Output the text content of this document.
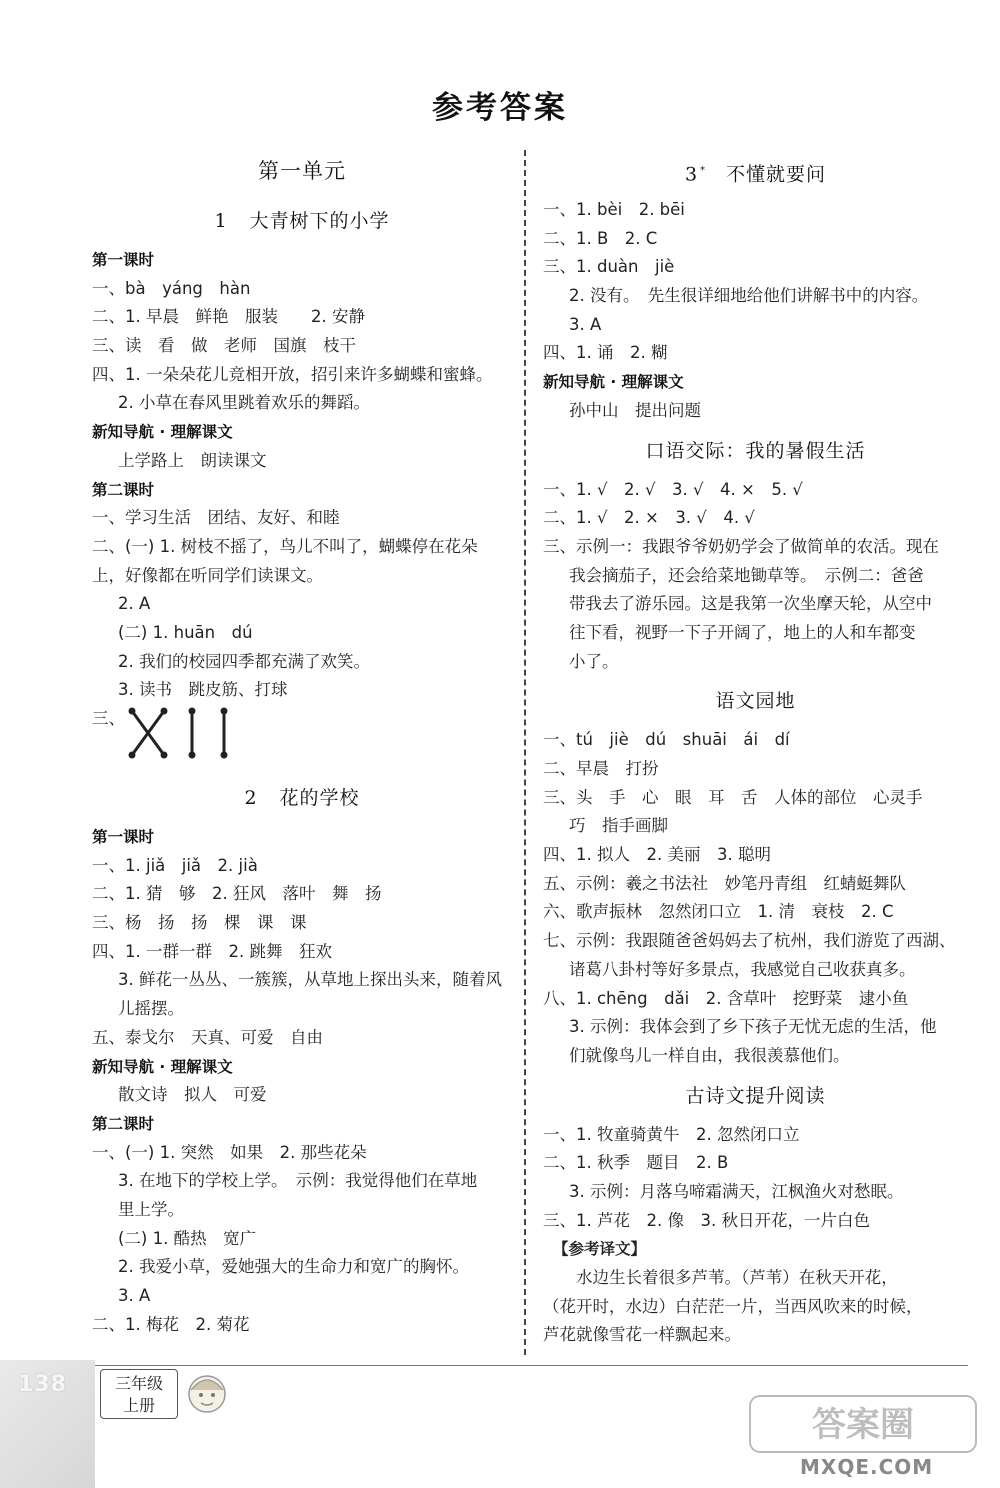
参考答案
第一单元
1 大青树下的小学
第一课时
一、bà　yáng　hàn
二、1. 早晨　鲜艳　服装　　2. 安静
三、读　看　做　老师　国旗　枝干
四、1. 一朵朵花儿竞相开放，招引来许多蝴蝶和蜜蜂。
2. 小草在春风里跳着欢乐的舞蹈。
新知导航 · 理解课文
上学路上　朗读课文
第二课时
一、学习生活　团结、友好、和睦
二、(一) 1. 树枝不摇了，鸟儿不叫了，蝴蝶停在花朵
上，好像都在听同学们读课文。
2. A
(二) 1. huān　dú
2. 我们的校园四季都充满了欢笑。
3. 读书　跳皮筋、打球
三、
2 花的学校
第一课时
一、1. jiǎ　jiǎ　2. jià
二、1. 猜　够　2. 狂风　落叶　舞　扬
三、杨　扬　扬　棵　课　课
四、1. 一群一群　2. 跳舞　狂欢
3. 鲜花一丛丛、一簇簇，从草地上探出头来，随着风
儿摇摆。
五、泰戈尔　天真、可爱　自由
新知导航 · 理解课文
散文诗　拟人　可爱
第二课时
一、(一) 1. 突然　如果　2. 那些花朵
3. 在地下的学校上学。　示例：我觉得他们在草地
里上学。
(二) 1. 酷热　宽广
2. 我爱小草，爱她强大的生命力和宽广的胸怀。
3. A
二、1. 梅花　2. 菊花
3 * 不懂就要问
一、1. bèi　2. bēi
二、1. B　2. C
三、1. duàn　jiè
2. 没有。　先生很详细地给他们讲解书中的内容。
3. A
四、1. 诵　2. 糊
新知导航 · 理解课文
孙中山　提出问题
口语交际：我的暑假生活
一、1. √　2. √　3. √　4. ×　5. √
二、1. √　2. ×　3. √　4. √
三、示例一：我跟爷爷奶奶学会了做简单的农活。现在
我会摘茄子，还会给菜地锄草等。　示例二：爸爸
带我去了游乐园。这是我第一次坐摩天轮，从空中
往下看，视野一下子开阔了，地上的人和车都变
小了。
语文园地
一、tú　jiè　dú　shuāi　ái　dí
二、早晨　打扮
三、头　手　心　眼　耳　舌　人体的部位　心灵手
巧　指手画脚
四、1. 拟人　2. 美丽　3. 聪明
五、示例：羲之书法社　妙笔丹青组　红蜻蜓舞队
六、歌声振林　忽然闭口立　1. 清　衰枝　2. C
七、示例：我跟随爸爸妈妈去了杭州，我们游览了西湖、
诸葛八卦村等好多景点，我感觉自己收获真多。
八、1. chēng　dǎi　2. 含草叶　挖野菜　逮小鱼
3. 示例：我体会到了乡下孩子无忧无虑的生活，他
们就像鸟儿一样自由，我很羡慕他们。
古诗文提升阅读
一、1. 牧童骑黄牛　2. 忽然闭口立
二、1. 秋季　题目　2. B
3. 示例：月落乌啼霜满天，江枫渔火对愁眠。
三、1. 芦花　2. 像　3. 秋日开花，一片白色
【参考译文】
　　水边生长着很多芦苇。（芦苇）在秋天开花，
（花开时，水边）白茫茫一片，当西风吹来的时候，
芦花就像雪花一样飘起来。
138	三年级
上册	答案圈
MXQE.COM
